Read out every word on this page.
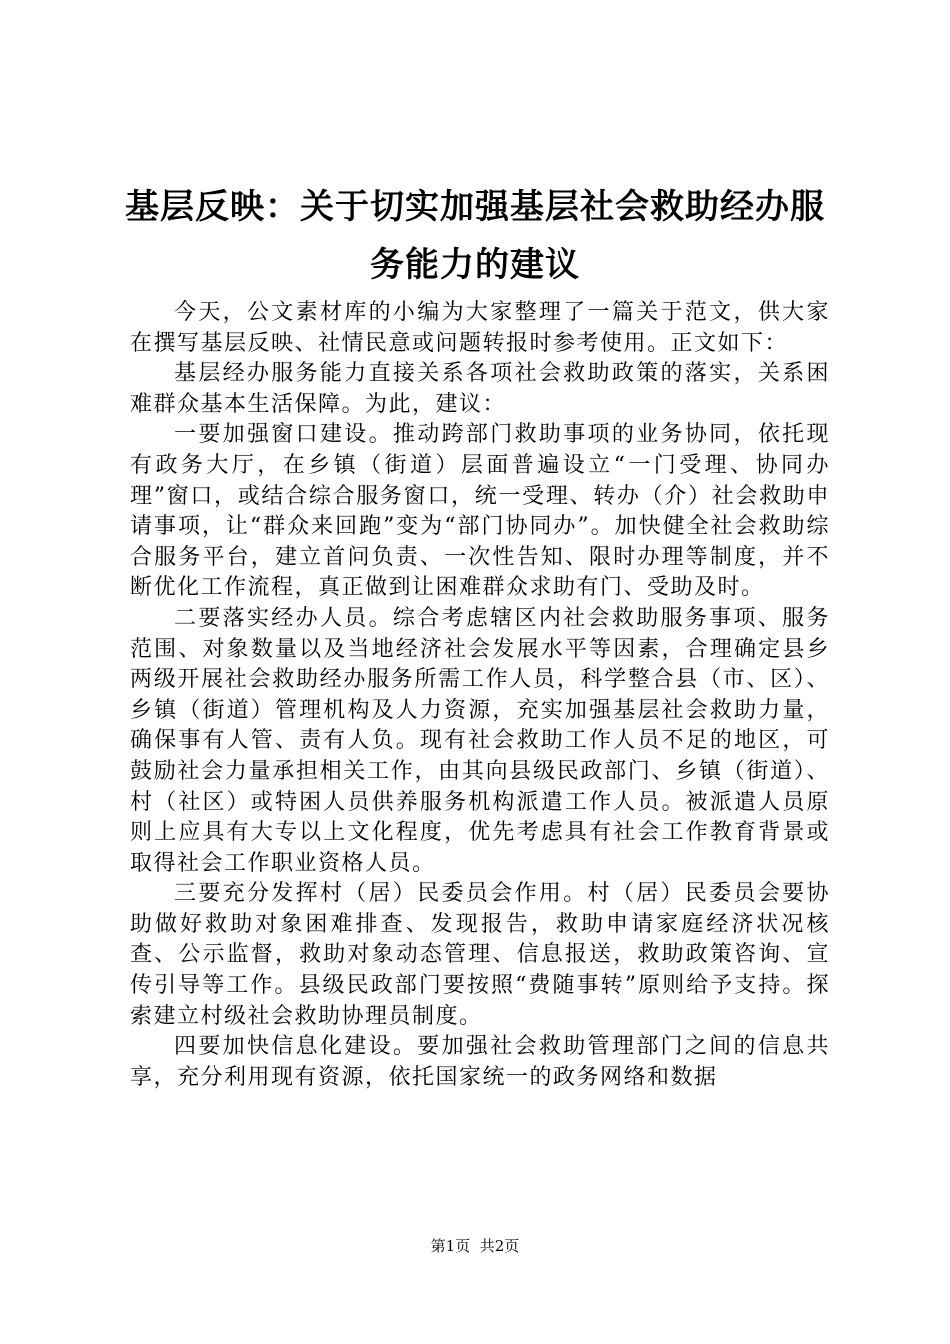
基层反映：关于切实加强基层社会救助经办服务能力的建议

今天，公文素材库的小编为大家整理了一篇关于范文，供大家在撰写基层反映、社情民意或问题转报时参考使用。正文如下：

基层经办服务能力直接关系各项社会救助政策的落实，关系困难群众基本生活保障。为此，建议：

一要加强窗口建设。推动跨部门救助事项的业务协同，依托现有政务大厅，在乡镇（街道）层面普遍设立“一门受理、协同办理”窗口，或结合综合服务窗口，统一受理、转办（介）社会救助申请事项，让“群众来回跑”变为“部门协同办”。加快健全社会救助综合服务平台，建立首问负责、一次性告知、限时办理等制度，并不断优化工作流程，真正做到让困难群众求助有门、受助及时。

二要落实经办人员。综合考虑辖区内社会救助服务事项、服务范围、对象数量以及当地经济社会发展水平等因素，合理确定县乡两级开展社会救助经办服务所需工作人员，科学整合县（市、区）、乡镇（街道）管理机构及人力资源，充实加强基层社会救助力量，确保事有人管、责有人负。现有社会救助工作人员不足的地区，可鼓励社会力量承担相关工作，由其向县级民政部门、乡镇（街道）、村（社区）或特困人员供养服务机构派遣工作人员。被派遣人员原则上应具有大专以上文化程度，优先考虑具有社会工作教育背景或取得社会工作职业资格人员。

三要充分发挥村（居）民委员会作用。村（居）民委员会要协助做好救助对象困难排查、发现报告，救助申请家庭经济状况核查、公示监督，救助对象动态管理、信息报送，救助政策咨询、宣传引导等工作。县级民政部门要按照“费随事转”原则给予支持。探索建立村级社会救助协理员制度。

四要加快信息化建设。要加强社会救助管理部门之间的信息共享，充分利用现有资源，依托国家统一的政务网络和数据

第1页 共2页
